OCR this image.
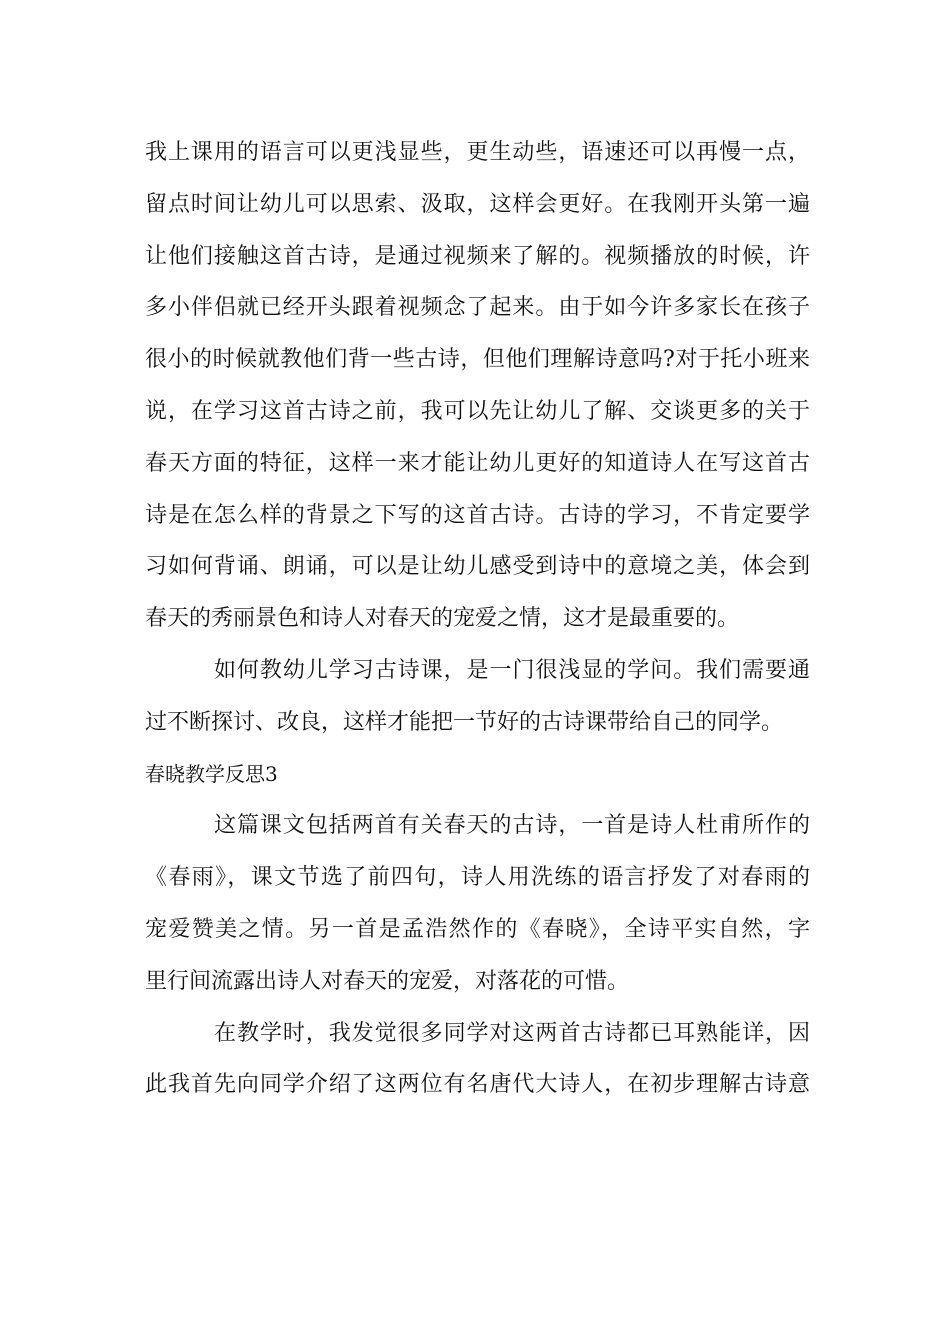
我上课用的语言可以更浅显些，更生动些，语速还可以再慢一点，
留点时间让幼儿可以思索、汲取，这样会更好。在我刚开头第一遍
让他们接触这首古诗，是通过视频来了解的。视频播放的时候，许
多小伴侣就已经开头跟着视频念了起来。由于如今许多家长在孩子
很小的时候就教他们背一些古诗，但他们理解诗意吗?对于托小班来
说，在学习这首古诗之前，我可以先让幼儿了解、交谈更多的关于
春天方面的特征，这样一来才能让幼儿更好的知道诗人在写这首古
诗是在怎么样的背景之下写的这首古诗。古诗的学习，不肯定要学
习如何背诵、朗诵，可以是让幼儿感受到诗中的意境之美，体会到
春天的秀丽景色和诗人对春天的宠爱之情，这才是最重要的。
如何教幼儿学习古诗课，是一门很浅显的学问。我们需要通
过不断探讨、改良，这样才能把一节好的古诗课带给自己的同学。
春晓教学反思3
这篇课文包括两首有关春天的古诗，一首是诗人杜甫所作的
《春雨》，课文节选了前四句，诗人用洗练的语言抒发了对春雨的
宠爱赞美之情。另一首是孟浩然作的《春晓》，全诗平实自然，字
里行间流露出诗人对春天的宠爱，对落花的可惜。
在教学时，我发觉很多同学对这两首古诗都已耳熟能详，因
此我首先向同学介绍了这两位有名唐代大诗人，在初步理解古诗意
